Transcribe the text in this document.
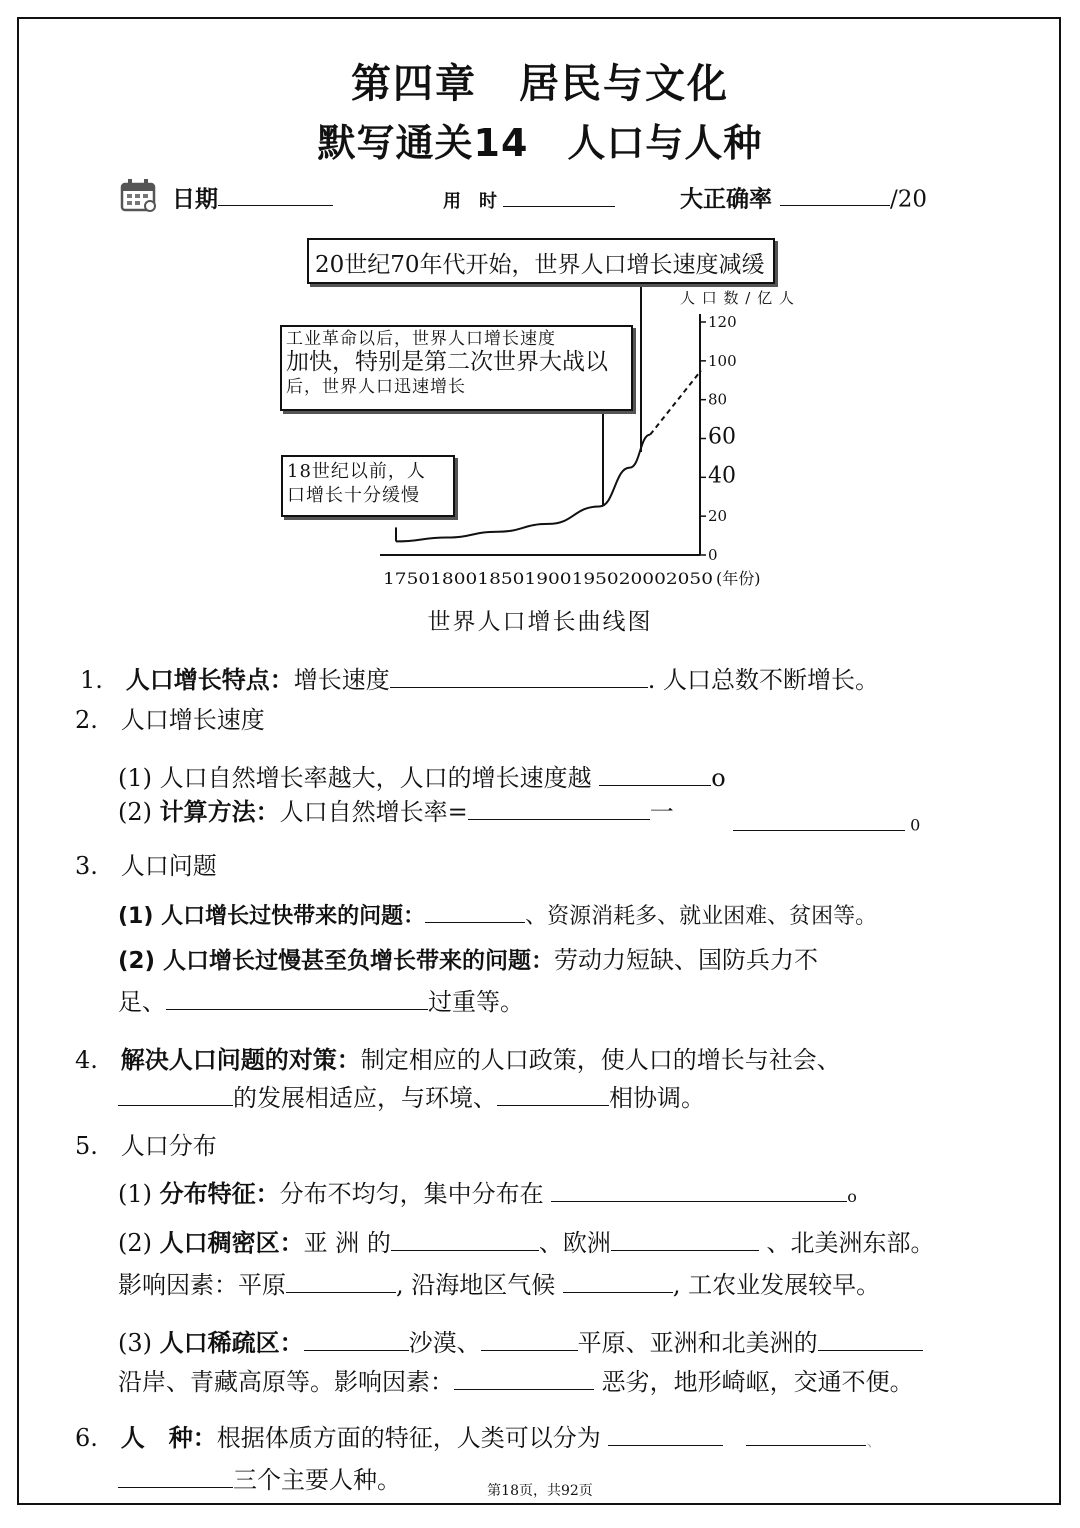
第四章　居民与文化
默写通关14　人口与人种
日期	用　时	大正确率	/20
0
20
40
60
80
100
120
1750180018501900195020002050 (年份)
20世纪70年代开始，世界人口增长速度减缓
工业革命以后，世界人口增长速度
加快，特别是第二次世界大战以
后，世界人口迅速增长
18世纪以前，人
口增长十分缓慢
人 口 数 / 亿 人
世界人口增长曲线图
1. 人口增长特点：增长速度	. 人口总数不断增长。
2. 人口增长速度
(1) 人口自然增长率越大，人口的增长速度越	o
(2) 计算方法：人口自然增长率=	一	0
3. 人口问题
(1) 人口增长过快带来的问题：	、资源消耗多、就业困难、贫困等。
(2) 人口增长过慢甚至负增长带来的问题：劳动力短缺、国防兵力不
足、	过重等。
4. 解决人口问题的对策：制定相应的人口政策，使人口的增长与社会、
的发展相适应，与环境、	相协调。
5. 人口分布
(1) 分布特征：分布不均匀，集中分布在	o
(2) 人口稠密区：亚 洲 的	、欧洲	、北美洲东部。
影响因素：平原	, 沿海地区气候	, 工农业发展较早。
(3) 人口稀疏区：	沙漠、	平原、亚洲和北美洲的
沿岸、青藏高原等。影响因素：	恶劣，地形崎岖，交通不便。
6. 人　种：根据体质方面的特征，人类可以分为	、
三个主要人种。	第18页，共92页
